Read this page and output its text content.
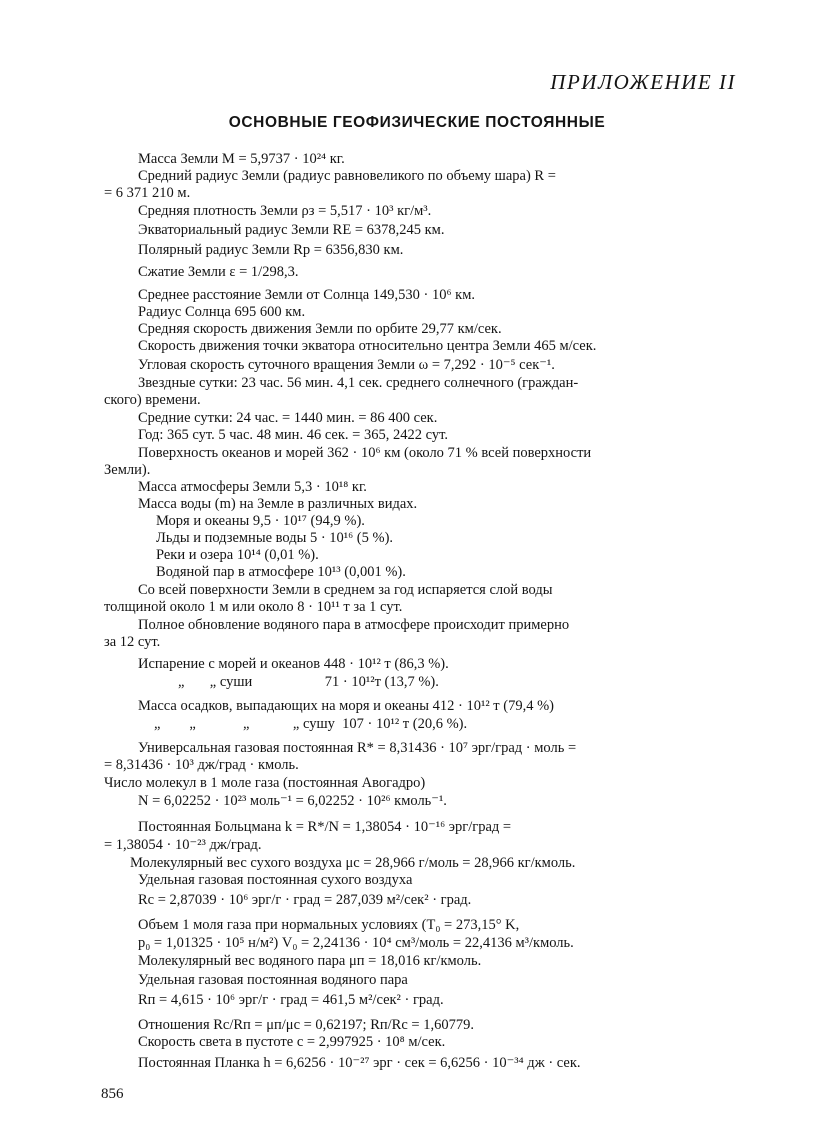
ПРИЛОЖЕНИЕ II
ОСНОВНЫЕ ГЕОФИЗИЧЕСКИЕ ПОСТОЯННЫЕ
Масса Земли M = 5,9737 · 10²⁴ кг.
Средний радиус Земли (радиус равновеликого по объему шара) R =
= 6 371 210 м.
Средняя плотность Земли ρз = 5,517 · 10³ кг/м³.
Экваториальный радиус Земли RE = 6378,245 км.
Полярный радиус Земли Rp = 6356,830 км.
Сжатие Земли ε = 1/298,3.
Среднее расстояние Земли от Солнца 149,530 · 10⁶ км.
Радиус Солнца 695 600 км.
Средняя скорость движения Земли по орбите 29,77 км/сек.
Скорость движения точки экватора относительно центра Земли 465 м/сек.
Угловая скорость суточного вращения Земли ω = 7,292 · 10⁻⁵ сек⁻¹.
Звездные сутки: 23 час. 56 мин. 4,1 сек. среднего солнечного (граждан-
ского) времени.
Средние сутки: 24 час. = 1440 мин. = 86 400 сек.
Год: 365 сут. 5 час. 48 мин. 46 сек. = 365, 2422 сут.
Поверхность океанов и морей 362 · 10⁶ км (около 71 % всей поверхности
Земли).
Масса атмосферы Земли 5,3 · 10¹⁸ кг.
Масса воды (m) на Земле в различных видах.
Моря и океаны 9,5 · 10¹⁷ (94,9 %).
Льды и подземные воды 5 · 10¹⁶ (5 %).
Реки и озера 10¹⁴ (0,01 %).
Водяной пар в атмосфере 10¹³ (0,001 %).
Со всей поверхности Земли в среднем за год испаряется слой воды
толщиной около 1 м или около 8 · 10¹¹ т за 1 сут.
Полное обновление водяного пара в атмосфере происходит примерно
за 12 сут.
Испарение с морей и океанов 448 · 10¹² т (86,3 %).
„       „ суши                    71 · 10¹²т (13,7 %).
Масса осадков, выпадающих на моря и океаны 412 · 10¹² т (79,4 %)
„        „             „            „ сушу  107 · 10¹² т (20,6 %).
Универсальная газовая постоянная R* = 8,31436 · 10⁷ эрг/град · моль =
= 8,31436 · 10³ дж/град · кмоль.
Число молекул в 1 моле газа (постоянная Авогадро)
N = 6,02252 · 10²³ моль⁻¹ = 6,02252 · 10²⁶ кмоль⁻¹.
Постоянная Больцмана k = R*/N = 1,38054 · 10⁻¹⁶ эрг/град =
= 1,38054 · 10⁻²³ дж/град.
Молекулярный вес сухого воздуха μс = 28,966 г/моль = 28,966 кг/кмоль.
Удельная газовая постоянная сухого воздуха
Rc = 2,87039 · 10⁶ эрг/г · град = 287,039 м²/сек² · град.
Объем 1 моля газа при нормальных условиях (T₀ = 273,15° K,
p₀ = 1,01325 · 10⁵ н/м²) V₀ = 2,24136 · 10⁴ см³/моль = 22,4136 м³/кмоль.
Молекулярный вес водяного пара μп = 18,016 кг/кмоль.
Удельная газовая постоянная водяного пара
Rп = 4,615 · 10⁶ эрг/г · град = 461,5 м²/сек² · град.
Отношения Rc/Rп = μп/μс = 0,62197; Rп/Rc = 1,60779.
Скорость света в пустоте c = 2,997925 · 10⁸ м/сек.
Постоянная Планка h = 6,6256 · 10⁻²⁷ эрг · сек = 6,6256 · 10⁻³⁴ дж · сек.
856
